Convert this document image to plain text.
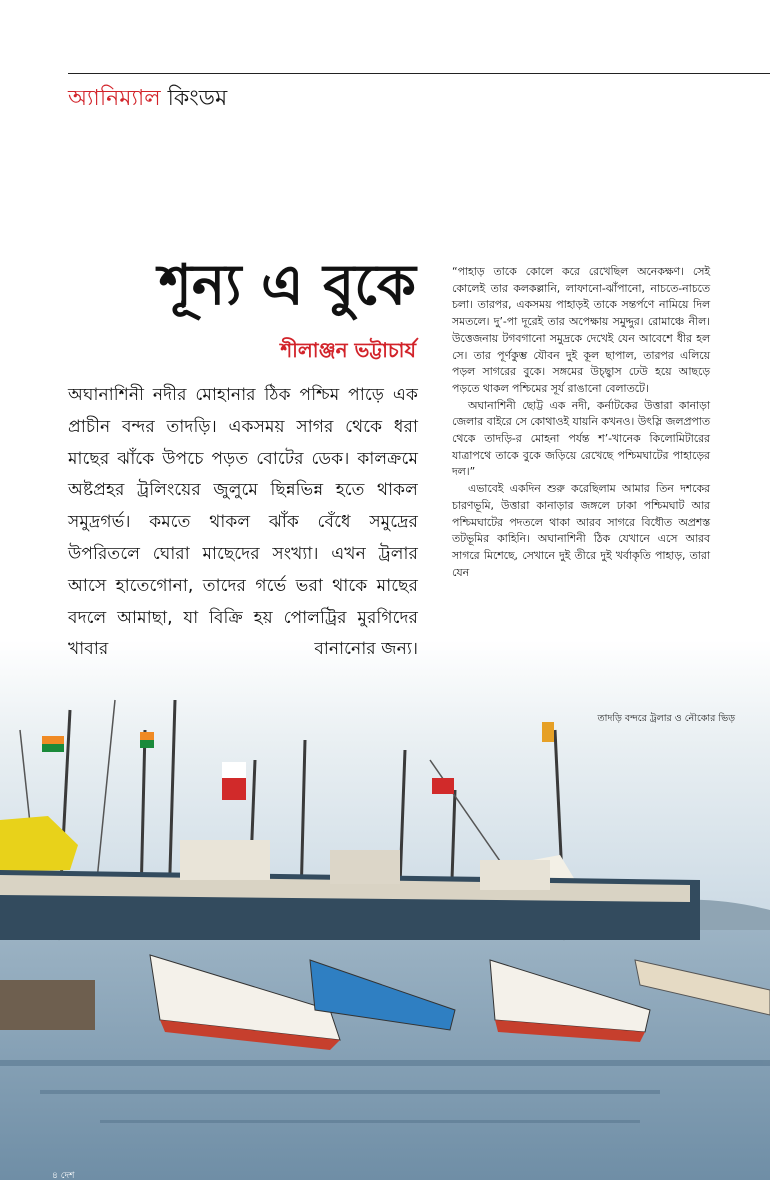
অ্যানিম্যাল কিংডম
শূন্য এ বুকে
শীলাঞ্জন ভট্টাচার্য
অঘানাশিনী নদীর মোহানার ঠিক পশ্চিম পাড়ে এক প্রাচীন বন্দর তাদড়ি। একসময় সাগর থেকে ধরা মাছের ঝাঁকে উপচে পড়ত বোটের ডেক। কালক্রমে অষ্টপ্রহর ট্রলিংয়ের জুলুমে ছিন্নভিন্ন হতে থাকল সমুদ্রগর্ভ। কমতে থাকল ঝাঁক বেঁধে সমুদ্রের উপরিতলে ঘোরা মাছেদের সংখ্যা। এখন ট্রলার আসে হাতেগোনা, তাদের গর্ভে ভরা থাকে মাছের বদলে আমাছা, যা বিক্রি হয় পোলট্রির মুরগিদের খাবার	বানানোর জন্য।

“পাহাড় তাকে কোলে করে রেখেছিল অনেকক্ষণ। সেই কোলেই তার কলকল্লানি, লাফানো-ঝাঁপানো, নাচতে-নাচতে চলা। তারপর, একসময় পাহাড়ই তাকে সন্তর্পণে নামিয়ে দিল সমতলে। দু’-পা দূরেই তার অপেক্ষায় সমুদ্দুর। রোমাঞ্চে নীল। উত্তেজনায় টগবগানো সমুদ্রকে দেখেই যেন আবেশে ধীর হল সে। তার পূর্ণকুম্ভ যৌবন দুই কূল ছাপাল, তারপর এলিয়ে পড়ল সাগরের বুকে। সঙ্গমের উচ্ছ্বাস ঢেউ হয়ে আছড়ে পড়তে থাকল পশ্চিমের সূর্য রাঙানো বেলাতটে।

অঘানাশিনী ছোট্ট এক নদী, কর্নাটকের উত্তারা কানাড়া জেলার বাইরে সে কোথাওই যায়নি কখনও। উৎস্লি জলপ্রপাত থেকে তাদড়ি-র মোহনা পর্যন্ত শ’-খানেক কিলোমিটারের যাত্রাপথে তাকে বুকে জড়িয়ে রেখেছে পশ্চিমঘাটের পাহাড়ের দল।”

এভাবেই একদিন শুরু করেছিলাম আমার তিন দশকের চারণভূমি, উত্তারা কানাড়ার জঙ্গলে ঢাকা পশ্চিমঘাট আর পশ্চিমঘাটের পদতলে থাকা আরব সাগরে বিধৌত অপ্রশস্ত তটভূমির কাহিনি। অঘানাশিনী ঠিক যেখানে এসে আরব সাগরে মিশেছে, সেখানে দুই তীরে দুই খর্বাকৃতি পাহাড়, তারা যেন

তাদড়ি বন্দরে ট্রলার ও নৌকোর ভিড়
৪ দেশ
